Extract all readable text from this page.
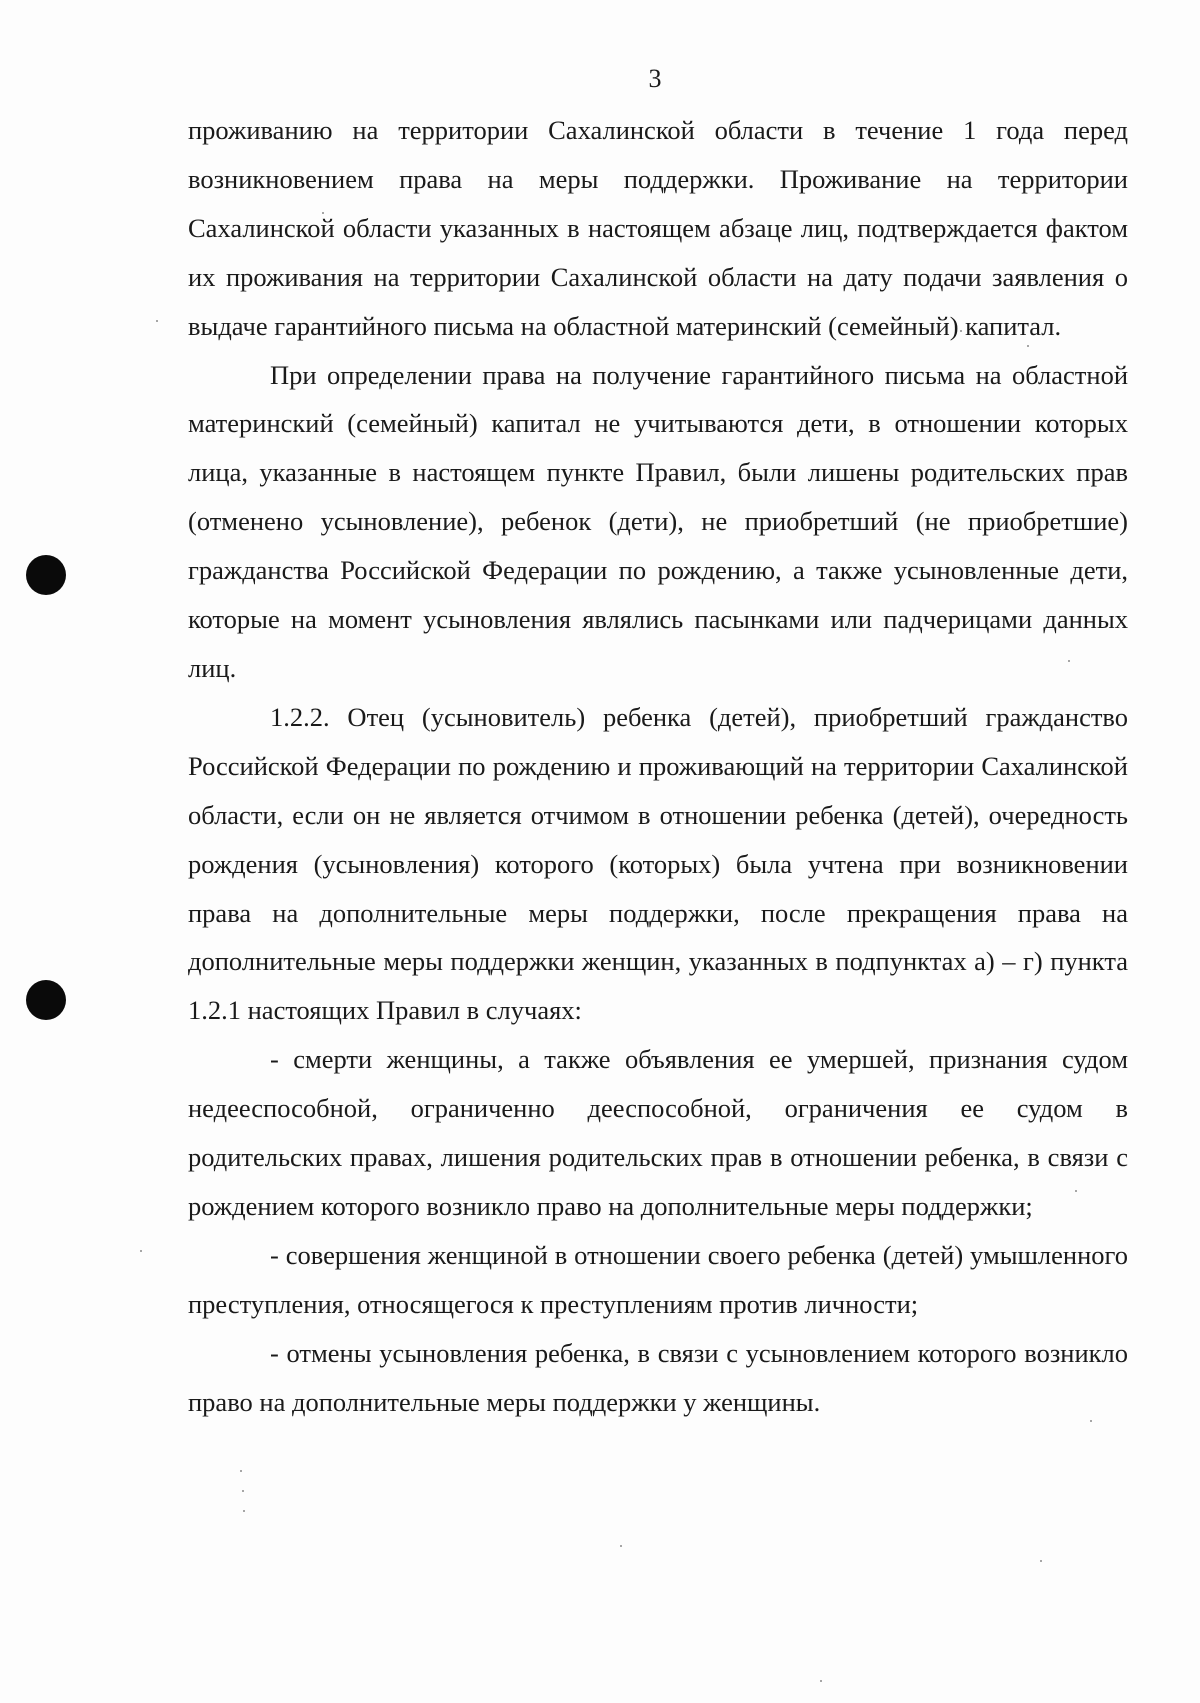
3

проживанию на территории Сахалинской области в течение 1 года перед возникновением права на меры поддержки. Проживание на территории Сахалинской области указанных в настоящем абзаце лиц, подтверждается фактом их проживания на территории Сахалинской области на дату подачи заявления о выдаче гарантийного письма на областной материнский (семейный) капитал.

При определении права на получение гарантийного письма на областной материнский (семейный) капитал не учитываются дети, в отношении которых лица, указанные в настоящем пункте Правил, были лишены родительских прав (отменено усыновление), ребенок (дети), не приобретший (не приобретшие) гражданства Российской Федерации по рождению, а также усыновленные дети, которые на момент усыновления являлись пасынками или падчерицами данных лиц.

1.2.2. Отец (усыновитель) ребенка (детей), приобретший гражданство Российской Федерации по рождению и проживающий на территории Сахалинской области, если он не является отчимом в отношении ребенка (детей), очередность рождения (усыновления) которого (которых) была учтена при возникновении права на дополнительные меры поддержки, после прекращения права на дополнительные меры поддержки женщин, указанных в подпунктах а) – г) пункта 1.2.1 настоящих Правил в случаях:

- смерти женщины, а также объявления ее умершей, признания судом недееспособной, ограниченно дееспособной, ограничения ее судом в родительских правах, лишения родительских прав в отношении ребенка, в связи с рождением которого возникло право на дополнительные меры поддержки;

- совершения женщиной в отношении своего ребенка (детей) умышленного преступления, относящегося к преступлениям против личности;

- отмены усыновления ребенка, в связи с усыновлением которого возникло право на дополнительные меры поддержки у женщины.
